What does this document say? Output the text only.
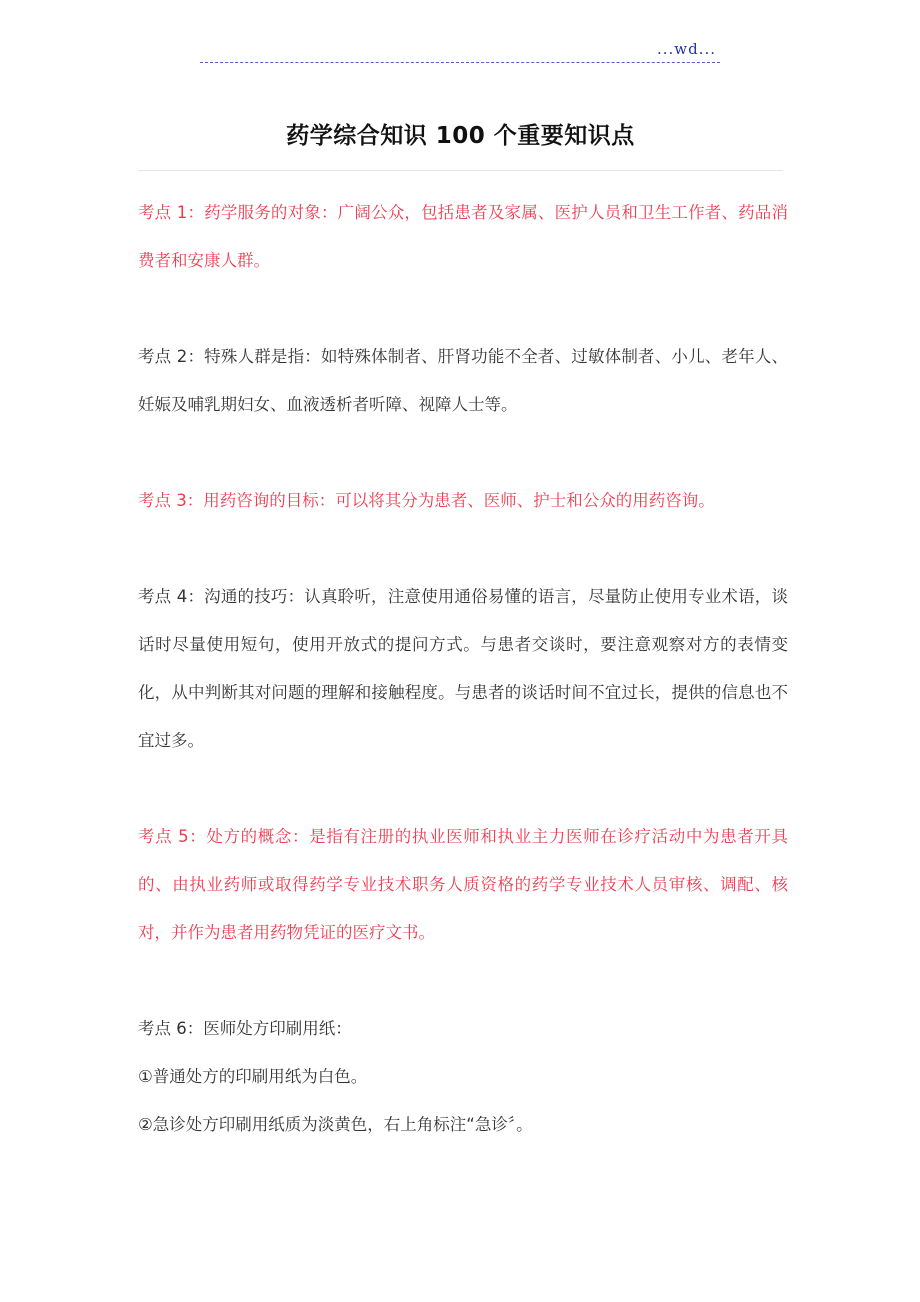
...wd...
药学综合知识 100 个重要知识点

考点 1：药学服务的对象：广阔公众，包括患者及家属、医护人员和卫生工作者、药品消费者和安康人群。

考点 2：特殊人群是指：如特殊体制者、肝肾功能不全者、过敏体制者、小儿、老年人、妊娠及哺乳期妇女、血液透析者听障、视障人士等。

考点 3：用药咨询的目标：可以将其分为患者、医师、护士和公众的用药咨询。

考点 4：沟通的技巧：认真聆听，注意使用通俗易懂的语言，尽量防止使用专业术语，谈话时尽量使用短句，使用开放式的提问方式。与患者交谈时，要注意观察对方的表情变化，从中判断其对问题的理解和接触程度。与患者的谈话时间不宜过长，提供的信息也不宜过多。

考点 5：处方的概念：是指有注册的执业医师和执业主力医师在诊疗活动中为患者开具的、由执业药师或取得药学专业技术职务人质资格的药学专业技术人员审核、调配、核对，并作为患者用药物凭证的医疗文书。

考点 6：医师处方印刷用纸：

①普通处方的印刷用纸为白色。

②急诊处方印刷用纸质为淡黄色，右上角标注“急诊〞。
